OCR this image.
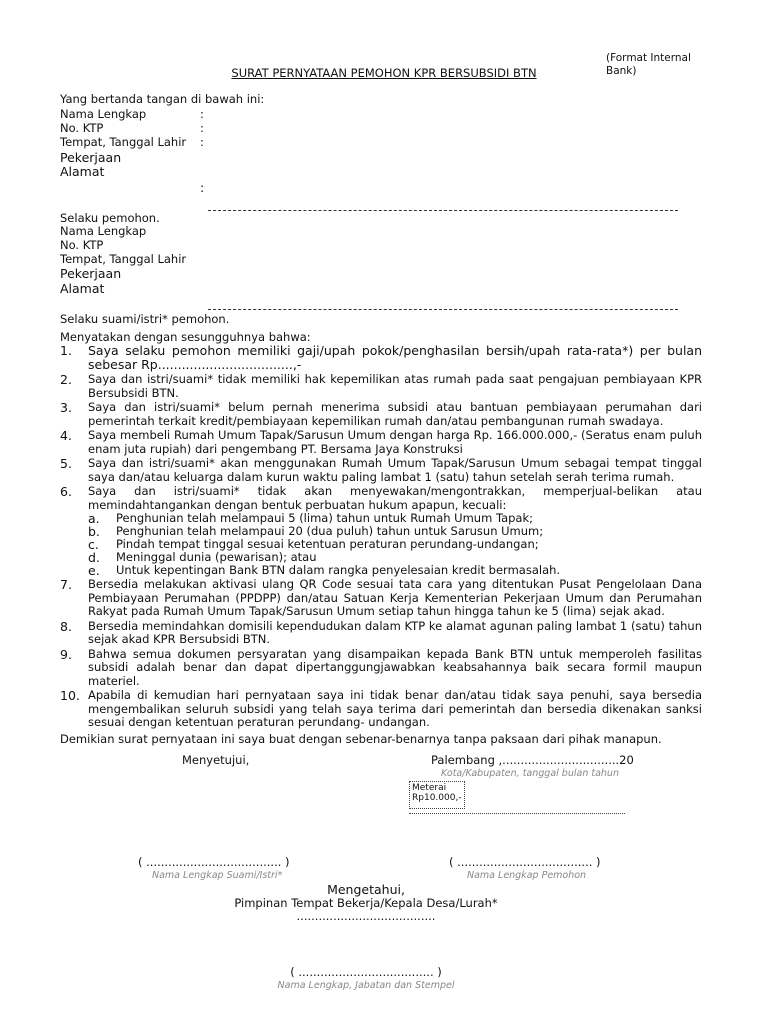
(Format Internal Bank)
SURAT PERNYATAAN PEMOHON KPR BERSUBSIDI BTN
Yang bertanda tangan di bawah ini:
Nama Lengkap	:
No. KTP	:
Tempat, Tanggal Lahir :
Pekerjaan
Alamat
:
Selaku pemohon.
Nama Lengkap
No. KTP
Tempat, Tanggal Lahir
Pekerjaan
Alamat
Selaku suami/istri* pemohon.
Menyatakan dengan sesungguhnya bahwa:
1. Saya selaku pemohon memiliki gaji/upah pokok/penghasilan bersih/upah rata-rata*) per bulan sebesar Rp..................................,-
2. Saya dan istri/suami* tidak memiliki hak kepemilikan atas rumah pada saat pengajuan pembiayaan KPR Bersubsidi BTN.
3. Saya dan istri/suami* belum pernah menerima subsidi atau bantuan pembiayaan perumahan dari pemerintah terkait kredit/pembiayaan kepemilikan rumah dan/atau pembangunan rumah swadaya.
4. Saya membeli Rumah Umum Tapak/Sarusun Umum dengan harga Rp. 166.000.000,- (Seratus enam puluh enam juta rupiah) dari pengembang PT. Bersama Jaya Konstruksi
5. Saya dan istri/suami* akan menggunakan Rumah Umum Tapak/Sarusun Umum sebagai tempat tinggal saya dan/atau keluarga dalam kurun waktu paling lambat 1 (satu) tahun setelah serah terima rumah.
6. Saya dan istri/suami* tidak akan menyewakan/mengontrakkan, memperjual-belikan atau memindahtangankan dengan bentuk perbuatan hukum apapun, kecuali:
a. Penghunian telah melampaui 5 (lima) tahun untuk Rumah Umum Tapak;
b. Penghunian telah melampaui 20 (dua puluh) tahun untuk Sarusun Umum;
c. Pindah tempat tinggal sesuai ketentuan peraturan perundang-undangan;
d. Meninggal dunia (pewarisan); atau
e. Untuk kepentingan Bank BTN dalam rangka penyelesaian kredit bermasalah.
7. Bersedia melakukan aktivasi ulang QR Code sesuai tata cara yang ditentukan Pusat Pengelolaan Dana Pembiayaan Perumahan (PPDPP) dan/atau Satuan Kerja Kementerian Pekerjaan Umum dan Perumahan Rakyat pada Rumah Umum Tapak/Sarusun Umum setiap tahun hingga tahun ke 5 (lima) sejak akad.
8. Bersedia memindahkan domisili kependudukan dalam KTP ke alamat agunan paling lambat 1 (satu) tahun sejak akad KPR Bersubsidi BTN.
9. Bahwa semua dokumen persyaratan yang disampaikan kepada Bank BTN untuk memperoleh fasilitas subsidi adalah benar dan dapat dipertanggungjawabkan keabsahannya baik secara formil maupun materiel.
10. Apabila di kemudian hari pernyataan saya ini tidak benar dan/atau tidak saya penuhi, saya bersedia mengembalikan seluruh subsidi yang telah saya terima dari pemerintah dan bersedia dikenakan sanksi sesuai dengan ketentuan peraturan perundang- undangan.
Demikian surat pernyataan ini saya buat dengan sebenar-benarnya tanpa paksaan dari pihak manapun.
Menyetujui,	Palembang ,................................20
Kota/Kabupaten, tanggal bulan tahun
Meterai Rp10.000,-
( ..................................... )
Nama Lengkap Suami/Istri*
( ..................................... )
Nama Lengkap Pemohon
Mengetahui,
Pimpinan Tempat Bekerja/Kepala Desa/Lurah*
......................................
( ..................................... )
Nama Lengkap, Jabatan dan Stempel
